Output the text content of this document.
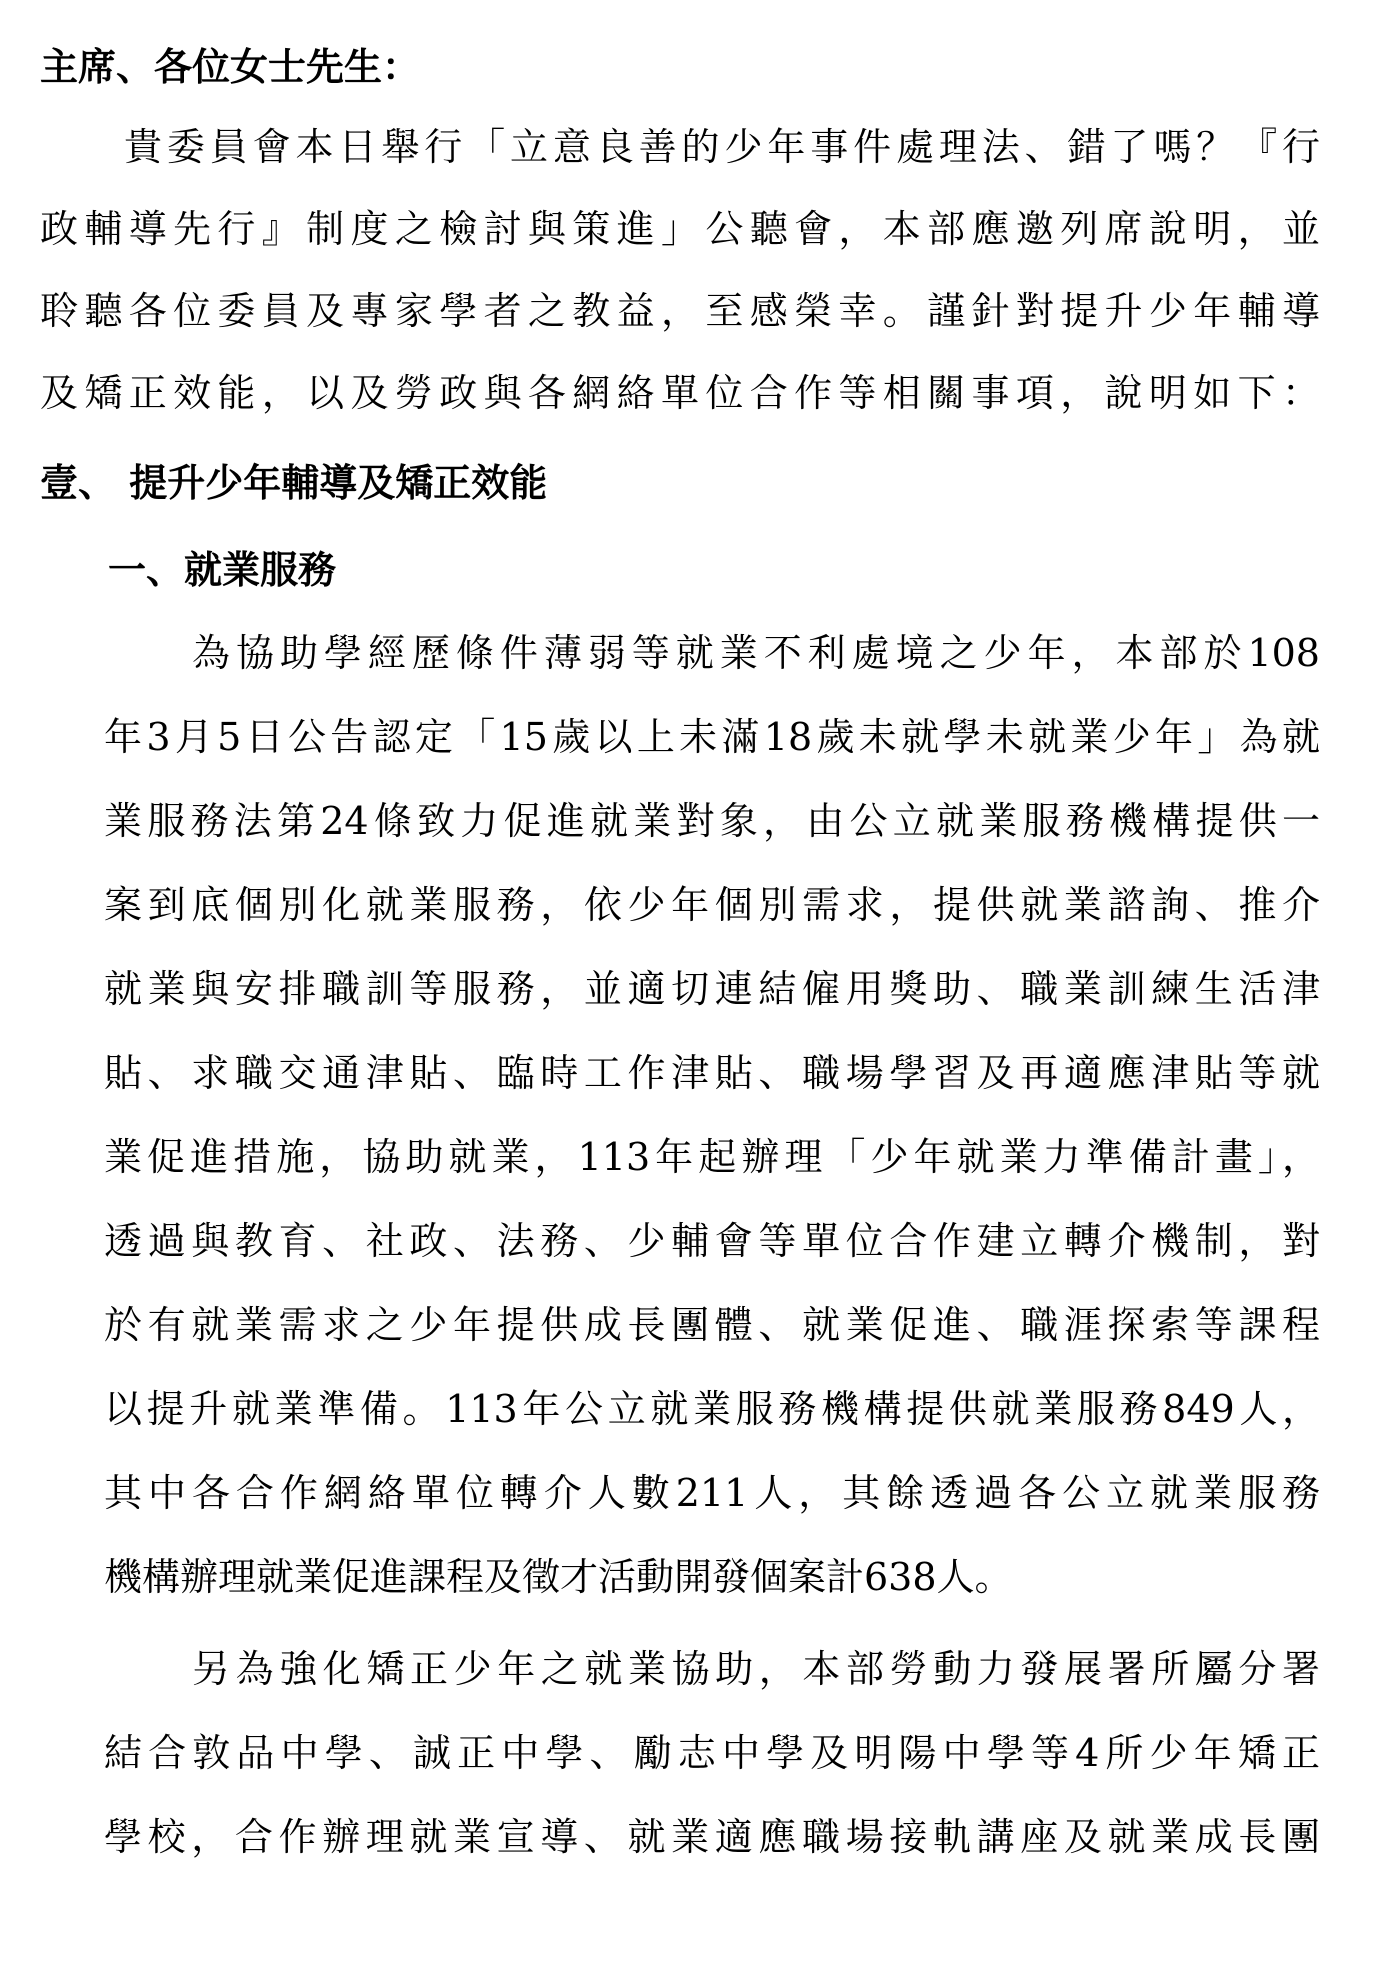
主席、各位女士先生：
貴委員會本日舉行「立意良善的少年事件處理法、錯了嗎？『行
政輔導先行』制度之檢討與策進」公聽會，本部應邀列席說明，並
聆聽各位委員及專家學者之教益，至感榮幸。謹針對提升少年輔導
及矯正效能，以及勞政與各網絡單位合作等相關事項，說明如下：
壹、 提升少年輔導及矯正效能
一、就業服務
為協助學經歷條件薄弱等就業不利處境之少年，本部於108
年3月5日公告認定「15歲以上未滿18歲未就學未就業少年」為就
業服務法第24條致力促進就業對象，由公立就業服務機構提供一
案到底個別化就業服務，依少年個別需求，提供就業諮詢、推介
就業與安排職訓等服務，並適切連結僱用獎助、職業訓練生活津
貼、求職交通津貼、臨時工作津貼、職場學習及再適應津貼等就
業促進措施，協助就業，113年起辦理「少年就業力準備計畫」，
透過與教育、社政、法務、少輔會等單位合作建立轉介機制，對
於有就業需求之少年提供成長團體、就業促進、職涯探索等課程
以提升就業準備。113年公立就業服務機構提供就業服務849人，
其中各合作網絡單位轉介人數211人，其餘透過各公立就業服務
機構辦理就業促進課程及徵才活動開發個案計638人。
另為強化矯正少年之就業協助，本部勞動力發展署所屬分署
結合敦品中學、誠正中學、勵志中學及明陽中學等4所少年矯正
學校，合作辦理就業宣導、就業適應職場接軌講座及就業成長團
